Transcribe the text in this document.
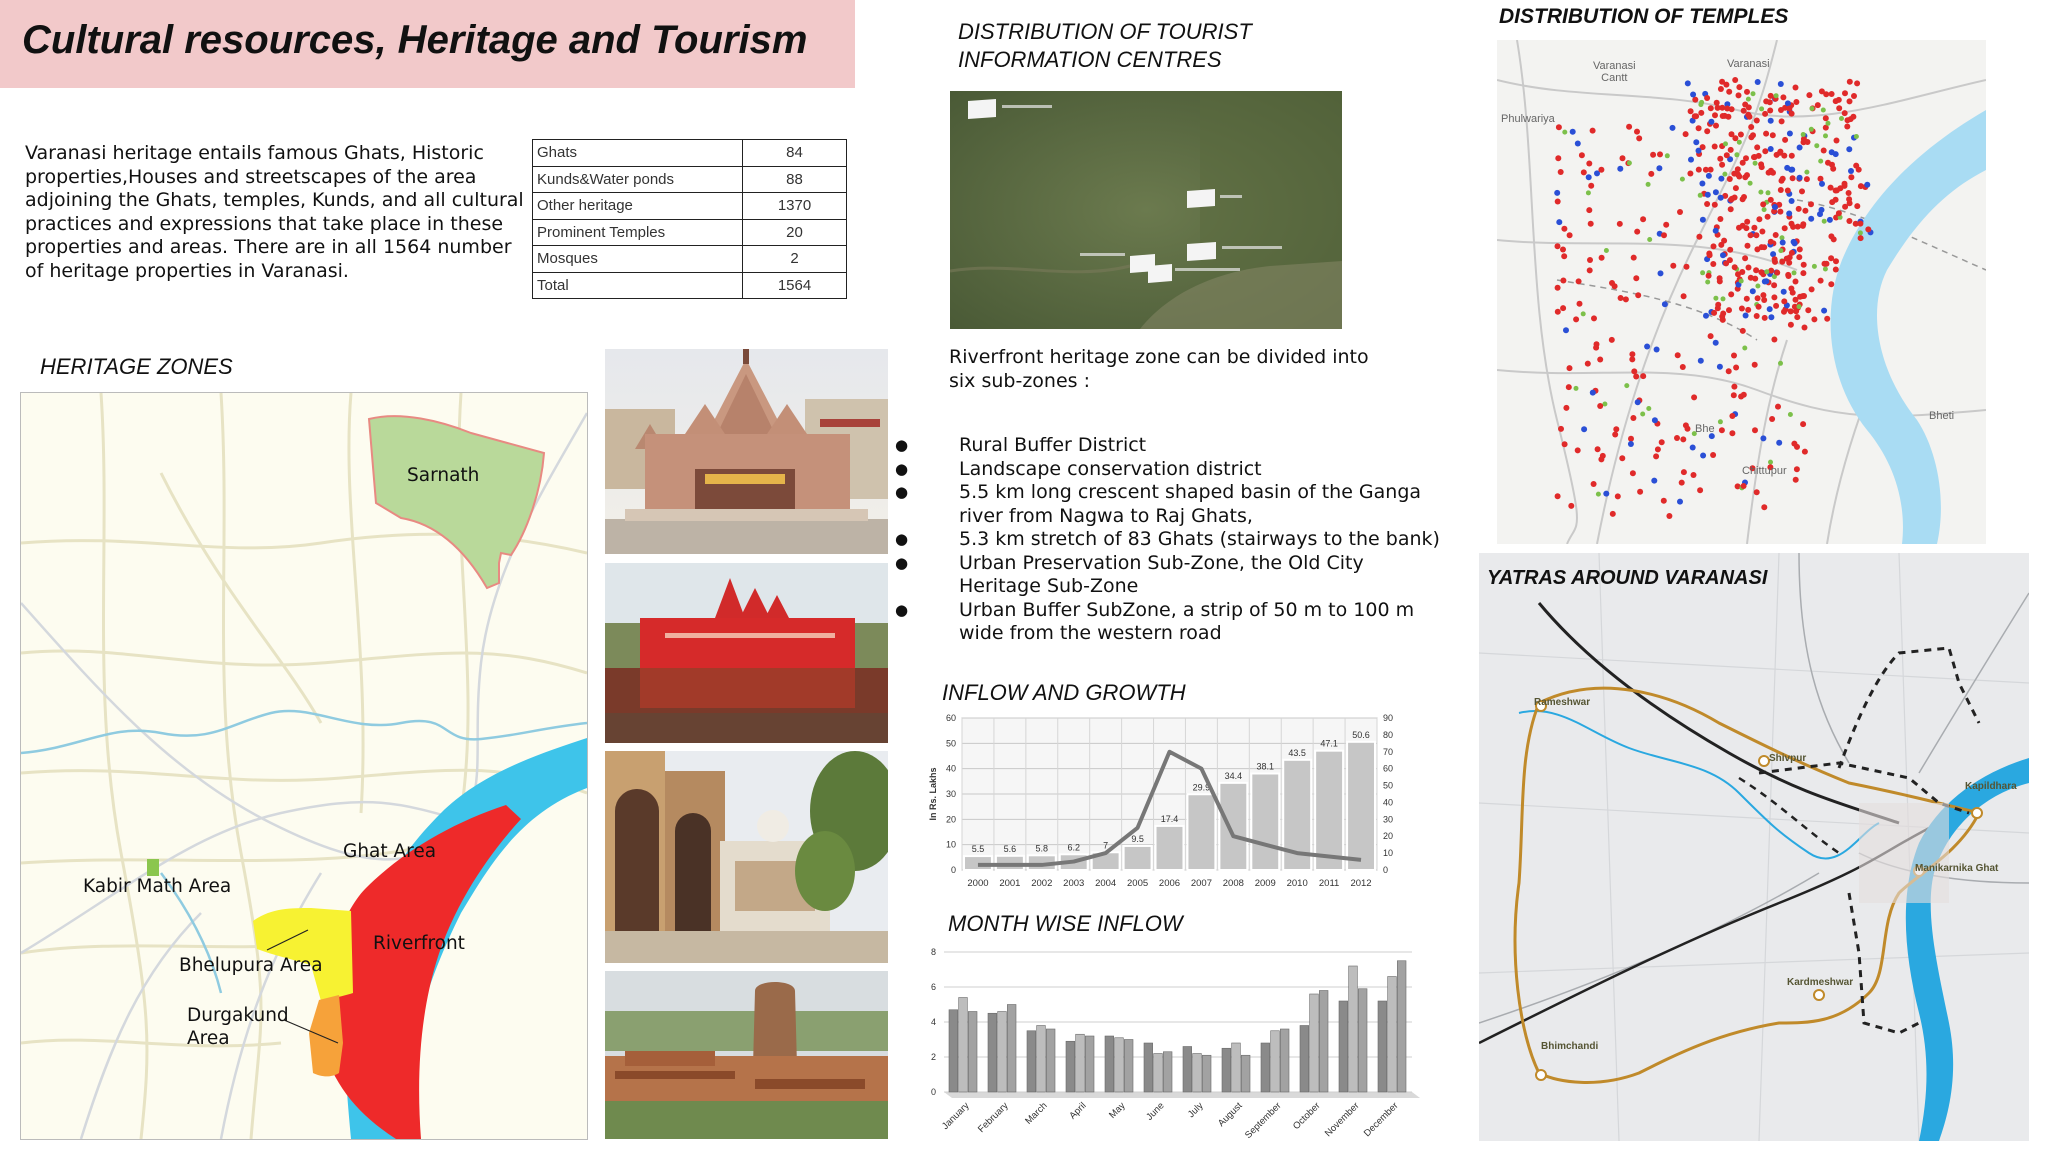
Cultural resources, Heritage and Tourism
Varanasi heritage entails famous Ghats, Historic properties,Houses and streetscapes of the area adjoining the Ghats, temples, Kunds, and all cultural practices and expressions that take place in these properties and areas. There are in all 1564 number of heritage properties in Varanasi.
Ghats	84
Kunds&Water ponds	88
Other heritage	1370
Prominent Temples	20
Mosques	2
Total	1564
HERITAGE ZONES
Sarnath
Ghat Area
Kabir Math Area
Riverfront
Bhelupura Area
Durgakund
Area
DISTRIBUTION OF TOURIST
INFORMATION CENTRES
Riverfront heritage zone can be divided into six sub-zones :
● Rural Buffer District
● Landscape conservation district
● 5.5 km long crescent shaped basin of the Ganga river from Nagwa to Raj Ghats,
● 5.3 km stretch of 83 Ghats (stairways to the bank)
● Urban Preservation Sub-Zone, the Old City Heritage Sub-Zone
● Urban Buffer SubZone, a strip of 50 m to 100 m wide from the western road
INFLOW AND GROWTH
0
10
20
30
40
50
60
0
10
20
30
40
50
60
70
80
90
5.5 5.6 5.8 6.2	7
9.5
17.4
29.9
34.4
38.1
43.5
47.1
50.6
2000 2001 2002 2003 2004 2005 2006 2007 2008 2009 2010 2011 2012
In Rs. Lakhs
MONTH WISE INFLOW
0
2
4
6
8
January February March April May June July August
September October November December
DISTRIBUTION OF TEMPLES
Varanasi
Cantt
Varanasi
Phulwariya
Bheti
Bhe
Chittupur
YATRAS AROUND VARANASI
Rameshwar
Shivpur
Kapildhara
Manikarnika Ghat
Kardmeshwar
Bhimchandi
